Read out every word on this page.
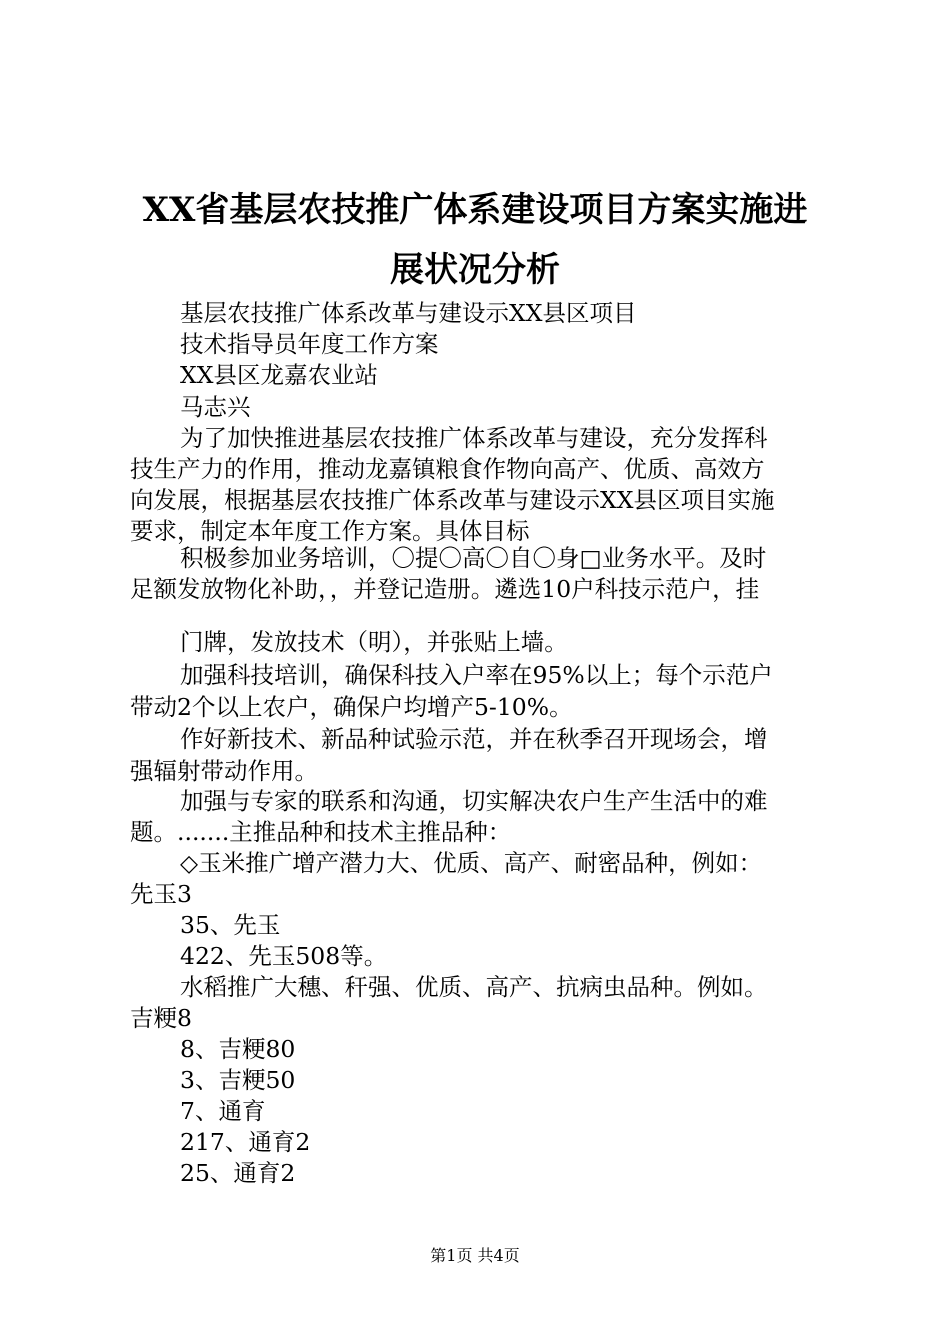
XX省基层农技推广体系建设项目方案实施进
展状况分析
基层农技推广体系改革与建设示XX县区项目
技术指导员年度工作方案
XX县区龙嘉农业站
马志兴
为了加快推进基层农技推广体系改革与建设，充分发挥科
技生产力的作用，推动龙嘉镇粮食作物向高产、优质、高效方
向发展，根据基层农技推广体系改革与建设示XX县区项目实施
要求，制定本年度工作方案。具体目标
积极参加业务培训，〇提〇高〇自〇身□业务水平。及时
足额发放物化补助，，并登记造册。遴选10户科技示范户，挂
门牌，发放技术（明），并张贴上墙。
加强科技培训，确保科技入户率在95%以上；每个示范户
带动2个以上农户，确保户均增产5-10%。
作好新技术、新品种试验示范，并在秋季召开现场会，增
强辐射带动作用。
加强与专家的联系和沟通，切实解决农户生产生活中的难
题。.......主推品种和技术主推品种：
◇玉米推广增产潜力大、优质、高产、耐密品种，例如：
先玉3
35、先玉
422、先玉508等。
水稻推广大穗、秆强、优质、高产、抗病虫品种。例如。
吉粳8
8、吉粳80
3、吉粳50
7、通育
217、通育2
25、通育2
第1页 共4页
